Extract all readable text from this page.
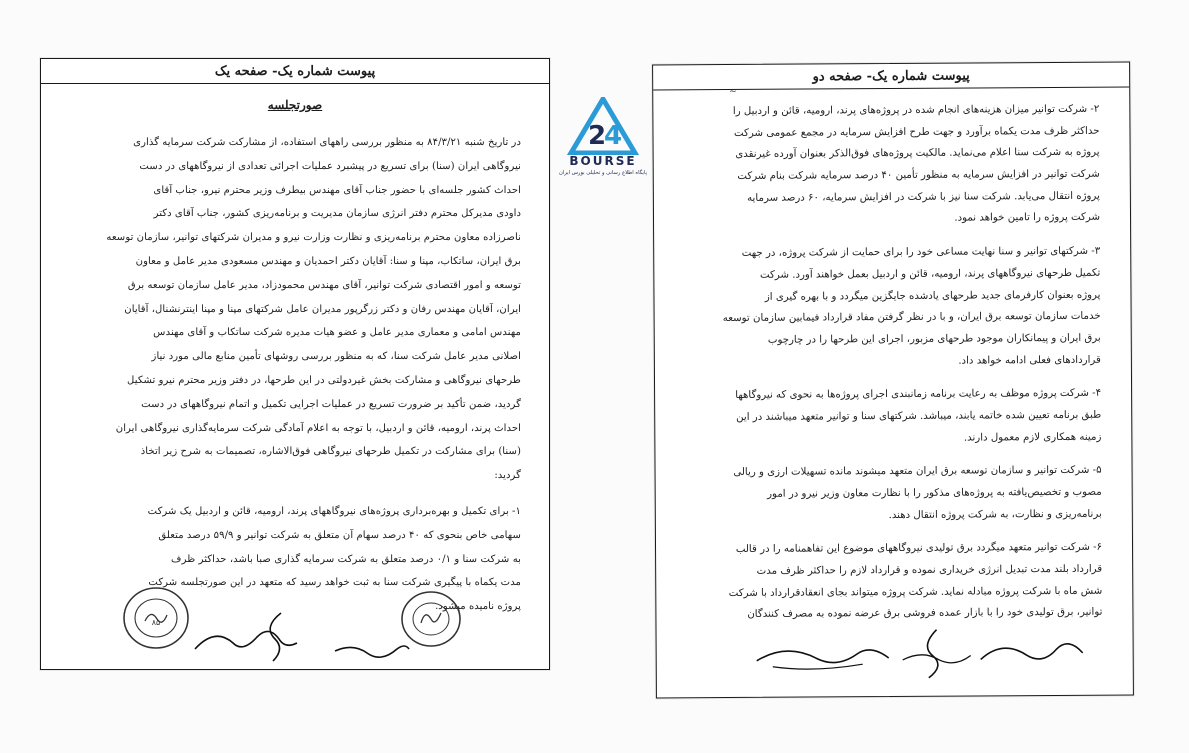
پیوست شماره یک- صفحه یک
صورتجلسه
در تاریخ شنبه ۸۴/۳/۲۱ به منظور بررسی راههای استفاده، از مشارکت شرکت سرمایه گذاری
نیروگاهی ایران (سنا) برای تسریع در پیشبرد عملیات اجرائی تعدادی از نیروگاههای در دست
احداث کشور جلسه‌ای با حضور جناب آقای مهندس بیطرف وزیر محترم نیرو، جناب آقای
داودی مدیرکل محترم دفتر انرژی سازمان مدیریت و برنامه‌ریزی کشور، جناب آقای دکتر
ناصرزاده معاون محترم برنامه‌ریزی و نظارت وزارت نیرو و مدیران شرکتهای توانیر، سازمان توسعه
برق ایران، ساتکاب، مپنا و سنا: آقایان دکتر احمدیان و مهندس مسعودی مدیر عامل و معاون
توسعه و امور اقتصادی شرکت توانیر، آقای مهندس محمودزاد، مدیر عامل سازمان توسعه برق
ایران، آقایان مهندس رفان و دکتر زرگرپور مدیران عامل شرکتهای مپنا و مپنا اینترنشنال، آقایان
مهندس امامی و معماری مدیر عامل و عضو هیات مدیره شرکت ساتکاب و آقای مهندس
اصلانی مدیر عامل شرکت سنا، که به منظور بررسی روشهای تأمین منابع مالی مورد نیاز
طرحهای نیروگاهی و مشارکت بخش غیردولتی در این طرحها، در دفتر وزیر محترم نیرو تشکیل
گردید، ضمن تأکید بر ضرورت تسریع در عملیات اجرایی تکمیل و اتمام نیروگاههای در دست
احداث پرند، ارومیه، قائن و اردبیل، با توجه به اعلام آمادگی شرکت سرمایه‌گذاری نیروگاهی ایران
(سنا) برای مشارکت در تکمیل طرحهای نیروگاهی فوق‌الاشاره، تصمیمات به شرح زیر اتخاذ
گردید:
۱- برای تکمیل و بهره‌برداری پروژه‌های نیروگاههای پرند، ارومیه، قائن و اردبیل یک شرکت
سهامی خاص بنحوی که ۴۰ درصد سهام آن متعلق به شرکت توانیر و ۵۹/۹ درصد متعلق
به شرکت سنا و ۰/۱ درصد متعلق به شرکت سرمایه گذاری صبا باشد، حداکثر ظرف
مدت یکماه با پیگیری شرکت سنا به ثبت خواهد رسید که متعهد در این صورتجلسه شرکت
پروژه نامیده میشود.
۸۵
2
4
BOURSE
پایگاه اطلاع رسانی و تحلیلی بورس ایران
پیوست شماره یک- صفحه دو
~
۲- شرکت توانیر میزان هزینه‌های انجام شده در پروژه‌های پرند، ارومیه، قائن و اردبیل را
حداکثر ظرف مدت یکماه برآورد و جهت طرح افزایش سرمایه در مجمع عمومی شرکت
پروژه به شرکت سنا اعلام می‌نماید. مالکیت پروژه‌های فوق‌الذکر بعنوان آورده غیرنقدی
شرکت توانیر در افزایش سرمایه به منظور تأمین ۴۰ درصد سرمایه شرکت بنام شرکت
پروژه انتقال می‌یابد. شرکت سنا نیز با شرکت در افزایش سرمایه، ۶۰ درصد سرمایه
شرکت پروژه را تامین خواهد نمود.
۳- شرکتهای توانیر و سنا نهایت مساعی خود را برای حمایت از شرکت پروژه، در جهت
تکمیل طرحهای نیروگاههای پرند، ارومیه، قائن و اردبیل بعمل خواهند آورد. شرکت
پروژه بعنوان کارفرمای جدید طرحهای یادشده جایگزین میگردد و با بهره گیری از
خدمات سازمان توسعه برق ایران، و با در نظر گرفتن مفاد قرارداد فیمابین سازمان توسعه
برق ایران و پیمانکاران موجود طرحهای مزبور، اجرای این طرحها را در چارچوب
قراردادهای فعلی ادامه خواهد داد.
۴- شرکت پروژه موظف به رعایت برنامه زمانبندی اجرای پروژه‌ها به نحوی که نیروگاهها
طبق برنامه تعیین شده خاتمه یابند، میباشد. شرکتهای سنا و توانیر متعهد میباشند در این
زمینه همکاری لازم معمول دارند.
۵- شرکت توانیر و سازمان توسعه برق ایران متعهد میشوند مانده تسهیلات ارزی و ریالی
مصوب و تخصیص‌یافته به پروژه‌های مذکور را با نظارت معاون وزیر نیرو در امور
برنامه‌ریزی و نظارت، به شرکت پروژه انتقال دهند.
۶- شرکت توانیر متعهد میگردد برق تولیدی نیروگاههای موضوع این تفاهمنامه را در قالب
قرارداد بلند مدت تبدیل انرژی خریداری نموده و قرارداد لازم را حداکثر ظرف مدت
شش ماه با شرکت پروژه مبادله نماید. شرکت پروژه میتواند بجای انعقادقرارداد با شرکت
توانیر، برق تولیدی خود را با بازار عمده فروشی برق عرضه نموده به مصرف کنندگان
